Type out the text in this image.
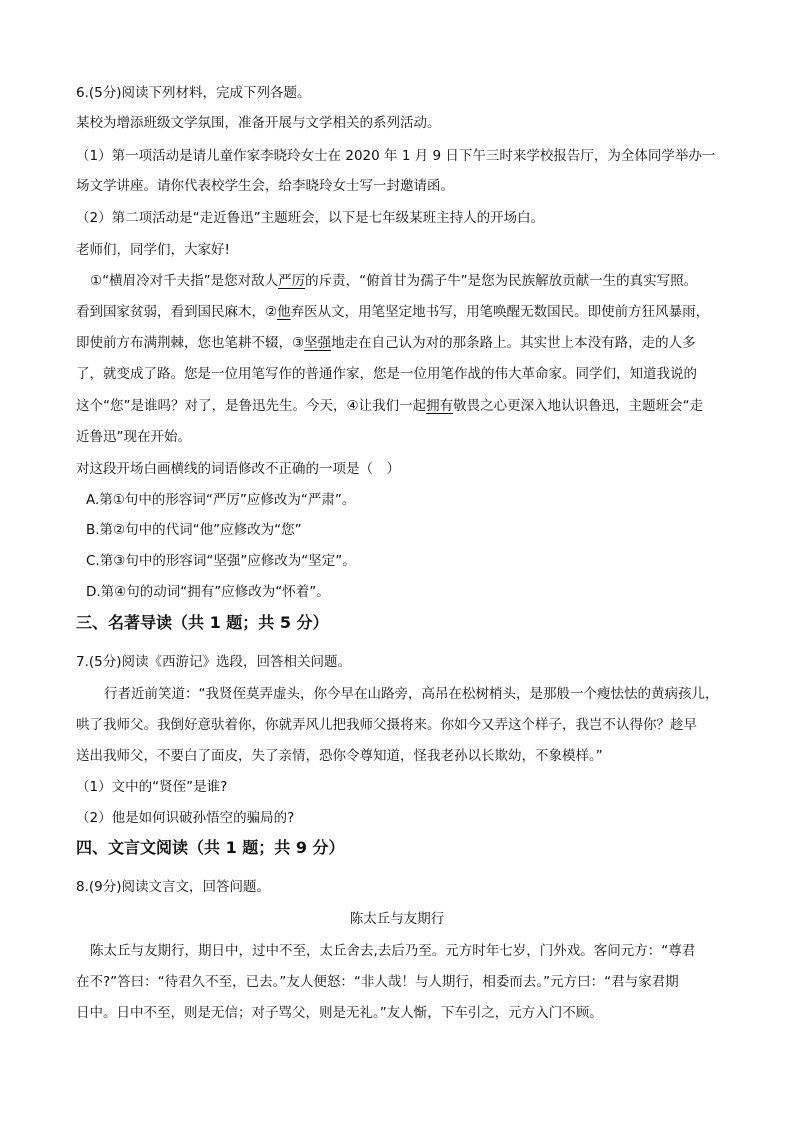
6.(5分)阅读下列材料，完成下列各题。
某校为增添班级文学氛围，准备开展与文学相关的系列活动。
（1）第一项活动是请儿童作家李晓玲女士在 2020 年 1 月 9 日下午三时来学校报告厅，为全体同学举办一
场文学讲座。请你代表校学生会，给李晓玲女士写一封邀请函。
（2）第二项活动是“走近鲁迅”主题班会，以下是七年级某班主持人的开场白。
老师们，同学们，大家好!
①“横眉冷对千夫指”是您对敌人严厉的斥责，“俯首甘为孺子牛”是您为民族解放贡献一生的真实写照。
看到国家贫弱，看到国民麻木，②他弃医从文，用笔坚定地书写，用笔唤醒无数国民。即使前方狂风暴雨，
即使前方布满荆棘，您也笔耕不辍，③坚强地走在自己认为对的那条路上。其实世上本没有路，走的人多
了，就变成了路。您是一位用笔写作的普通作家，您是一位用笔作战的伟大革命家。同学们，知道我说的
这个“您”是谁吗？对了，是鲁迅先生。今天，④让我们一起拥有敬畏之心更深入地认识鲁迅，主题班会“走
近鲁迅”现在开始。
对这段开场白画横线的词语修改不正确的一项是（　）
A.第①句中的形容词“严厉”应修改为“严肃”。
B.第②句中的代词“他”应修改为“您”
C.第③句中的形容词“坚强”应修改为“坚定”。
D.第④句的动词“拥有”应修改为“怀着”。
三、名著导读（共 1 题；共 5 分）
7.(5分)阅读《西游记》选段，回答相关问题。
行者近前笑道：“我贤侄莫弄虚头，你今早在山路旁，高吊在松树梢头，是那般一个瘦怯怯的黄病孩儿，
哄了我师父。我倒好意驮着你，你就弄风儿把我师父摄将来。你如今又弄这个样子，我岂不认得你？趁早
送出我师父，不要白了面皮，失了亲情，恐你令尊知道，怪我老孙以长欺幼，不象模样。”
（1）文中的“贤侄”是谁?
（2）他是如何识破孙悟空的骗局的?
四、文言文阅读（共 1 题；共 9 分）
8.(9分)阅读文言文，回答问题。
陈太丘与友期行
陈太丘与友期行，期日中，过中不至，太丘舍去,去后乃至。元方时年七岁，门外戏。客问元方：“尊君
在不?”答曰：“待君久不至，已去。”友人便怒：“非人哉！与人期行，相委而去。”元方曰：“君与家君期
日中。日中不至，则是无信；对子骂父，则是无礼。”友人惭，下车引之，元方入门不顾。
